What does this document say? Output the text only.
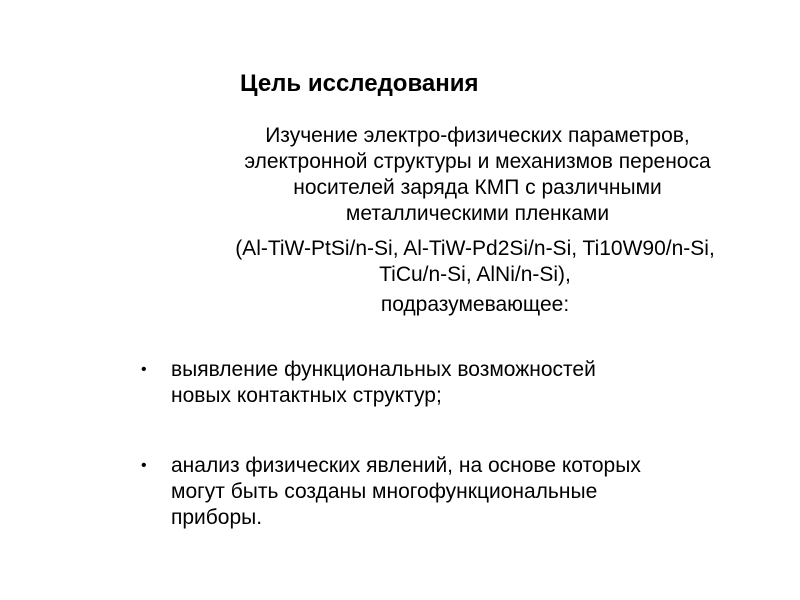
Цель исследования
Изучение электро-физических параметров,
электронной структуры и механизмов переноса
носителей заряда КМП с различными
металлическими пленками
(Al-TiW-PtSi/n-Si, Al-TiW-Pd2Si/n-Si, Ti10W90/n-Si,
TiCu/n-Si, AlNi/n-Si),
подразумевающее:
• выявление функциональных возможностей
новых контактных структур;
• анализ физических явлений, на основе которых
могут быть созданы многофункциональные
приборы.
